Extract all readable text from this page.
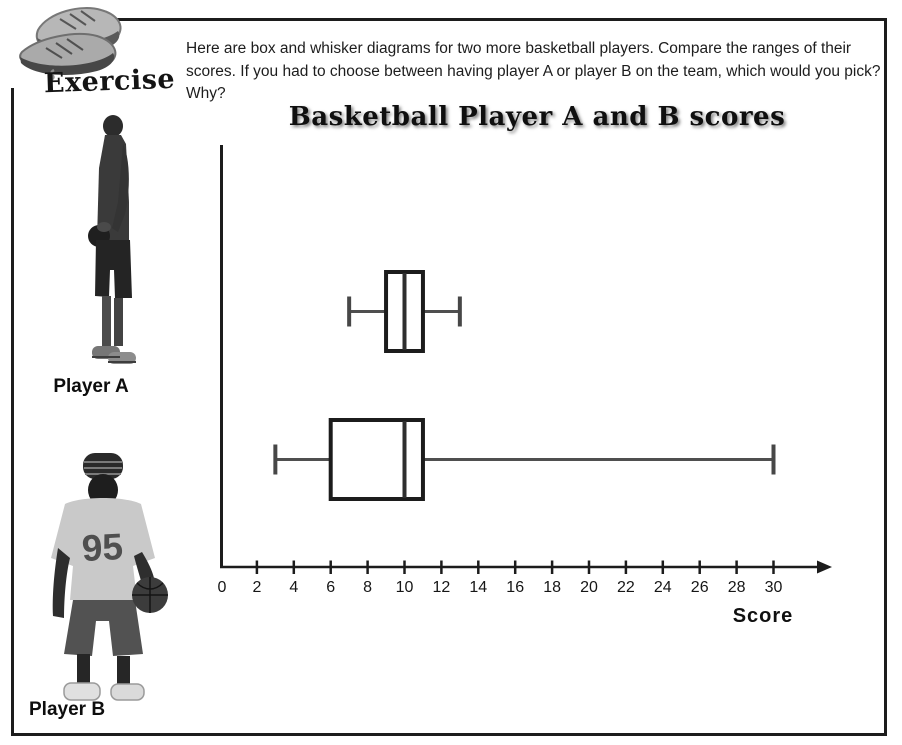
Exercise

Here are box and whisker diagrams for two more basketball players. Compare the ranges of their scores. If you had to choose between having player A or player B on the team, which would you pick? Why?

Basketball Player A and B scores
Player A
95
Player B
0 2 4 6 8 10 12 14 16 18 20 22 24 26 28 30
Score
